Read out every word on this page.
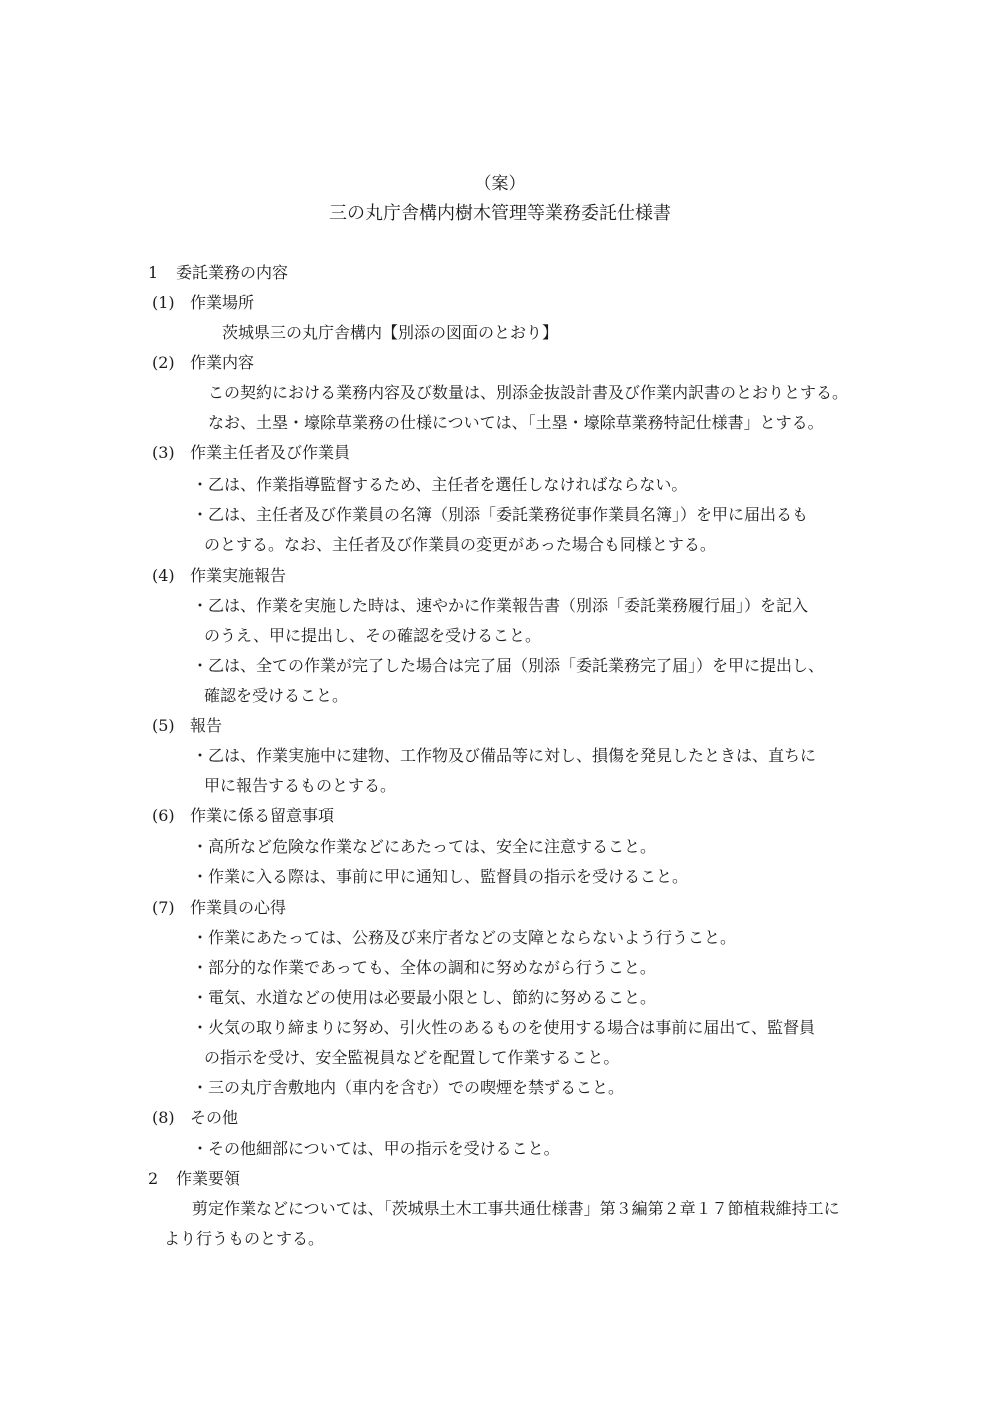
（案）
三の丸庁舎構内樹木管理等業務委託仕様書
1 委託業務の内容
(1) 作業場所
茨城県三の丸庁舎構内【別添の図面のとおり】
(2) 作業内容
この契約における業務内容及び数量は、別添金抜設計書及び作業内訳書のとおりとする。
なお、土塁・壕除草業務の仕様については、「土塁・壕除草業務特記仕様書」とする。
(3) 作業主任者及び作業員
・乙は、作業指導監督するため、主任者を選任しなければならない。
・乙は、主任者及び作業員の名簿（別添「委託業務従事作業員名簿」）を甲に届出るも
のとする。なお、主任者及び作業員の変更があった場合も同様とする。
(4) 作業実施報告
・乙は、作業を実施した時は、速やかに作業報告書（別添「委託業務履行届」）を記入
のうえ、甲に提出し、その確認を受けること。
・乙は、全ての作業が完了した場合は完了届（別添「委託業務完了届」）を甲に提出し、
確認を受けること。
(5) 報告
・乙は、作業実施中に建物、工作物及び備品等に対し、損傷を発見したときは、直ちに
甲に報告するものとする。
(6) 作業に係る留意事項
・高所など危険な作業などにあたっては、安全に注意すること。
・作業に入る際は、事前に甲に通知し、監督員の指示を受けること。
(7) 作業員の心得
・作業にあたっては、公務及び来庁者などの支障とならないよう行うこと。
・部分的な作業であっても、全体の調和に努めながら行うこと。
・電気、水道などの使用は必要最小限とし、節約に努めること。
・火気の取り締まりに努め、引火性のあるものを使用する場合は事前に届出て、監督員
の指示を受け、安全監視員などを配置して作業すること。
・三の丸庁舎敷地内（車内を含む）での喫煙を禁ずること。
(8) その他
・その他細部については、甲の指示を受けること。
2 作業要領
剪定作業などについては、「茨城県土木工事共通仕様書」第３編第２章１７節植栽維持工に
より行うものとする。
